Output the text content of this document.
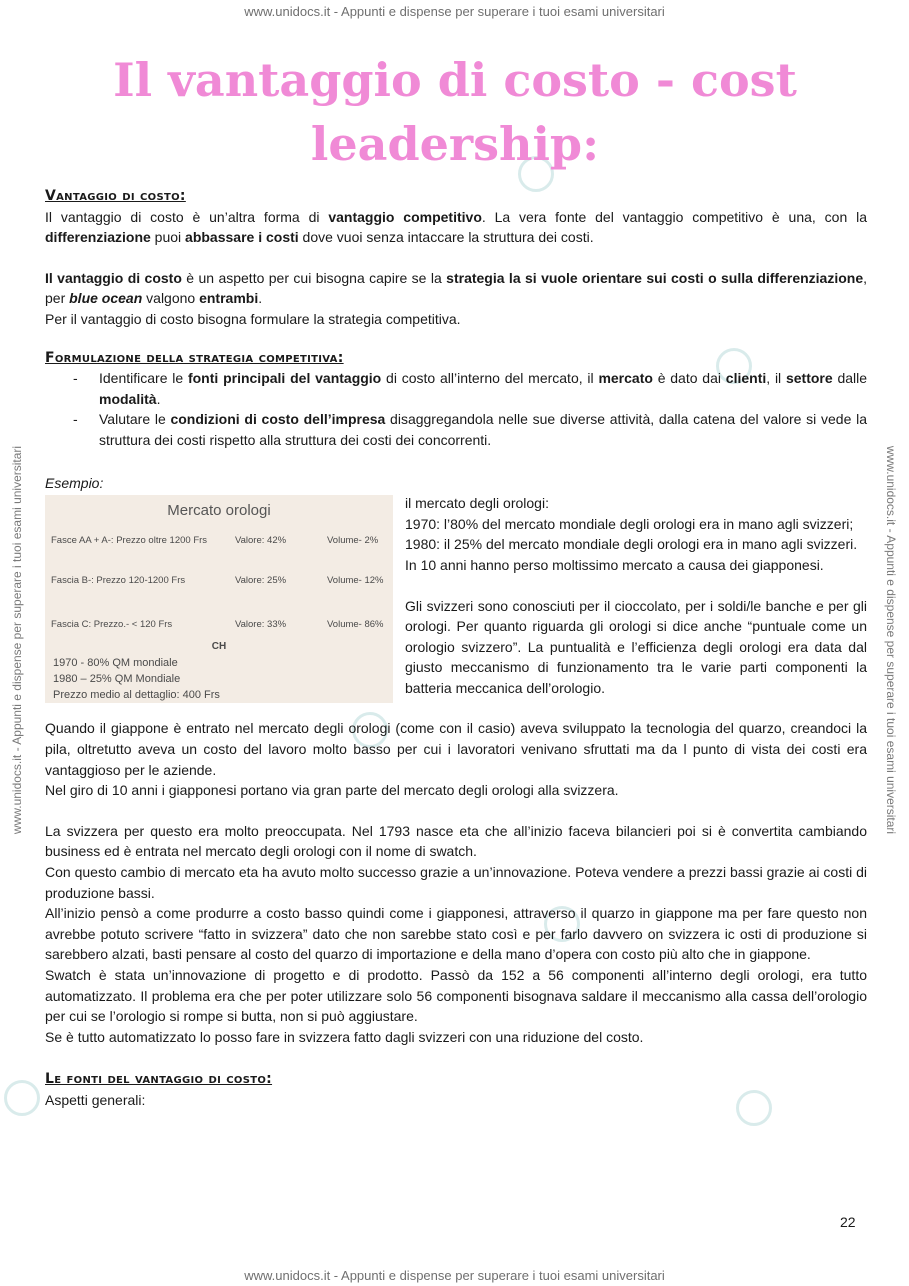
www.unidocs.it - Appunti e dispense per superare i tuoi esami universitari
www.unidocs.it - Appunti e dispense per superare i tuoi esami universitari
www.unidocs.it - Appunti e dispense per superare i tuoi esami universitari	www.unidocs.it - Appunti e dispense per superare i tuoi esami universitari
Il vantaggio di costo - cost
leadership:

Vantaggio di costo:

Il vantaggio di costo è un’altra forma di vantaggio competitivo. La vera fonte del vantaggio competitivo è una, con la differenziazione puoi abbassare i costi dove vuoi senza intaccare la struttura dei costi.

Il vantaggio di costo è un aspetto per cui bisogna capire se la strategia la si vuole orientare sui costi o sulla differenziazione, per blue ocean valgono entrambi.

Per il vantaggio di costo bisogna formulare la strategia competitiva.

Formulazione della strategia competitiva:

- Identificare le fonti principali del vantaggio di costo all’interno del mercato, il mercato è dato dai clienti, il settore dalle modalità.
- Valutare le condizioni di costo dell’impresa disaggregandola nelle sue diverse attività, dalla catena del valore si vede la struttura dei costi rispetto alla struttura dei costi dei concorrenti.

Esempio:

Mercato orologi
Fasce AA + A-: Prezzo oltre 1200 Frs	Valore: 42%	Volume- 2%
Fascia B-: Prezzo 120-1200 Frs	Valore: 25%	Volume- 12%
Fascia C: Prezzo.- < 120 Frs	Valore: 33%	Volume- 86%
CH
1970 - 80% QM mondiale
1980 – 25% QM Mondiale
Prezzo medio al dettaglio: 400 Frs

il mercato degli orologi:

1970: l’80% del mercato mondiale degli orologi era in mano agli svizzeri;

1980: il 25% del mercato mondiale degli orologi era in mano agli svizzeri.

In 10 anni hanno perso moltissimo mercato a causa dei giapponesi.

Gli svizzeri sono conosciuti per il cioccolato, per i soldi/le banche e per gli orologi. Per quanto riguarda gli orologi si dice anche “puntuale come un orologio svizzero”. La puntualità e l’efficienza degli orologi era data dal giusto meccanismo di funzionamento tra le varie parti componenti la batteria meccanica dell’orologio.

Quando il giappone è entrato nel mercato degli orologi (come con il casio) aveva sviluppato la tecnologia del quarzo, creandoci la pila, oltretutto aveva un costo del lavoro molto basso per cui i lavoratori venivano sfruttati ma da l punto di vista dei costi era vantaggioso per le aziende.

Nel giro di 10 anni i giapponesi portano via gran parte del mercato degli orologi alla svizzera.

La svizzera per questo era molto preoccupata. Nel 1793 nasce eta che all’inizio faceva bilancieri poi si è convertita cambiando business ed è entrata nel mercato degli orologi con il nome di swatch.

Con questo cambio di mercato eta ha avuto molto successo grazie a un’innovazione. Poteva vendere a prezzi bassi grazie ai costi di produzione bassi.

All’inizio pensò a come produrre a costo basso quindi come i giapponesi, attraverso il quarzo in giappone ma per fare questo non avrebbe potuto scrivere “fatto in svizzera” dato che non sarebbe stato così e per farlo davvero on svizzera ic osti di produzione si sarebbero alzati, basti pensare al costo del quarzo di importazione e della mano d’opera con costo più alto che in giappone.

Swatch è stata un’innovazione di progetto e di prodotto. Passò da 152 a 56 componenti all’interno degli orologi, era tutto automatizzato. Il problema era che per poter utilizzare solo 56 componenti bisognava saldare il meccanismo alla cassa dell’orologio per cui se l’orologio si rompe si butta, non si può aggiustare.

Se è tutto automatizzato lo posso fare in svizzera fatto dagli svizzeri con una riduzione del costo.

Le fonti del vantaggio di costo:

Aspetti generali:

22
